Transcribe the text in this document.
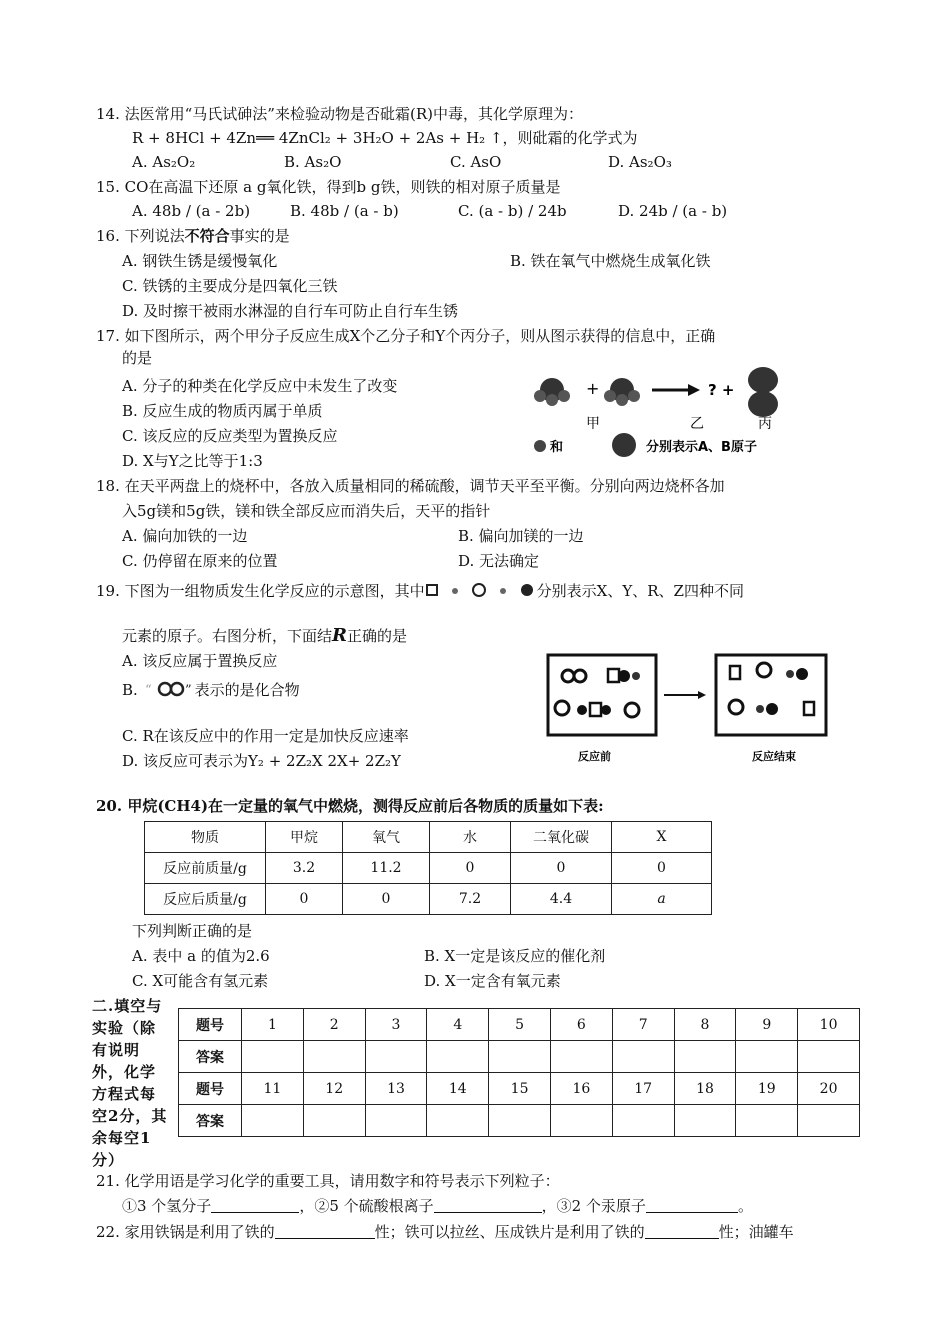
14. 法医常用“马氏试砷法”来检验动物是否砒霜(R)中毒，其化学原理为：
R + 8HCl + 4Zn══ 4ZnCl₂ + 3H₂O + 2As + H₂ ↑，则砒霜的化学式为
A. As₂O₂	B. As₂O	C. AsO	D. As₂O₃
15. CO在高温下还原 a g氧化铁，得到b g铁，则铁的相对原子质量是
A. 48b / (a - 2b)	B. 48b / (a - b)	C. (a - b) / 24b	D. 24b / (a - b)
16. 下列说法不符合事实的是
A. 钢铁生锈是缓慢氧化	B. 铁在氧气中燃烧生成氧化铁
C. 铁锈的主要成分是四氧化三铁
D. 及时擦干被雨水淋湿的自行车可防止自行车生锈
17. 如下图所示，两个甲分子反应生成X个乙分子和Y个丙分子，则从图示获得的信息中，正确
的是
A. 分子的种类在化学反应中未发生了改变
B. 反应生成的物质丙属于单质
C. 该反应的反应类型为置换反应
D. X与Y之比等于1:3
+	? +
甲	乙	丙
和	分别表示A、B原子
18. 在天平两盘上的烧杯中，各放入质量相同的稀硫酸，调节天平至平衡。分别向两边烧杯各加
入5g镁和5g铁，镁和铁全部反应而消失后，天平的指针
A. 偏向加铁的一边	B. 偏向加镁的一边
C. 仍停留在原来的位置	D. 无法确定
19. 下图为一组物质发生化学反应的示意图，其中	分别表示X、Y、R、Z四种不同
元素的原子。右图分析，下面结R正确的是
A. 该反应属于置换反应
B. “	” 表示的是化合物
C. R在该反应中的作用一定是加快反应速率
D. 该反应可表示为Y₂ + 2Z₂X 2X+ 2Z₂Y	反应前	反应结束
20. 甲烷(CH4)在一定量的氧气中燃烧，测得反应前后各物质的质量如下表:
物质	甲烷	氧气	水	二氧化碳	X
反应前质量/g	3.2	11.2	0	0	0
反应后质量/g	0	0	7.2	4.4	a
下列判断正确的是
A. 表中 a 的值为2.6	B. X一定是该反应的催化剂
C. X可能含有氢元素	D. X一定含有氧元素
二.填空与实验（除有说明外，化学方程式每空2分，其余每空1分）
题号	1	2	3	4	5	6	7	8	9	10
答案										
题号	11	12	13	14	15	16	17	18	19	20
答案										
21. 化学用语是学习化学的重要工具，请用数字和符号表示下列粒子：
①3 个氢分子	，②5 个硫酸根离子	，③2 个汞原子	。
22. 家用铁锅是利用了铁的	性；铁可以拉丝、压成铁片是利用了铁的	性；油罐车
